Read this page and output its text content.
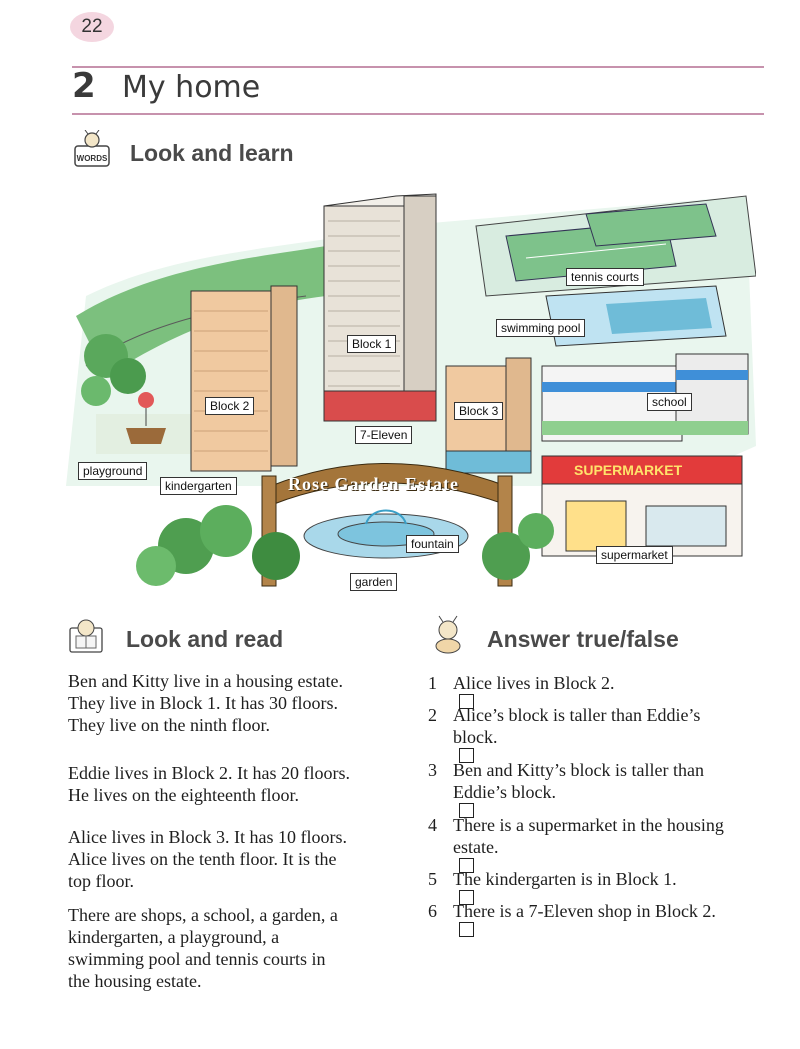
22
2 My home
WORDS Look and learn
Rose Garden Estate
SUPERMARKET
tennis courts
swimming pool
Block 1
Block 2	Block 3
7-Eleven
school
playground
kindergarten
fountain
garden
supermarket
Look and read
Ben and Kitty live in a housing estate.
They live in Block 1. It has 30 floors.
They live on the ninth floor.
Eddie lives in Block 2. It has 20 floors.
He lives on the eighteenth floor.
Alice lives in Block 3. It has 10 floors.
Alice lives on the tenth floor. It is the
top floor.
There are shops, a school, a garden, a
kindergarten, a playground, a
swimming pool and tennis courts in
the housing estate.
Answer true/false
1 Alice lives in Block 2.
2 Alice’s block is taller than Eddie’s
block.
3 Ben and Kitty’s block is taller than
Eddie’s block.
4 There is a supermarket in the housing
estate.
5 The kindergarten is in Block 1.
6 There is a 7-Eleven shop in Block 2.
